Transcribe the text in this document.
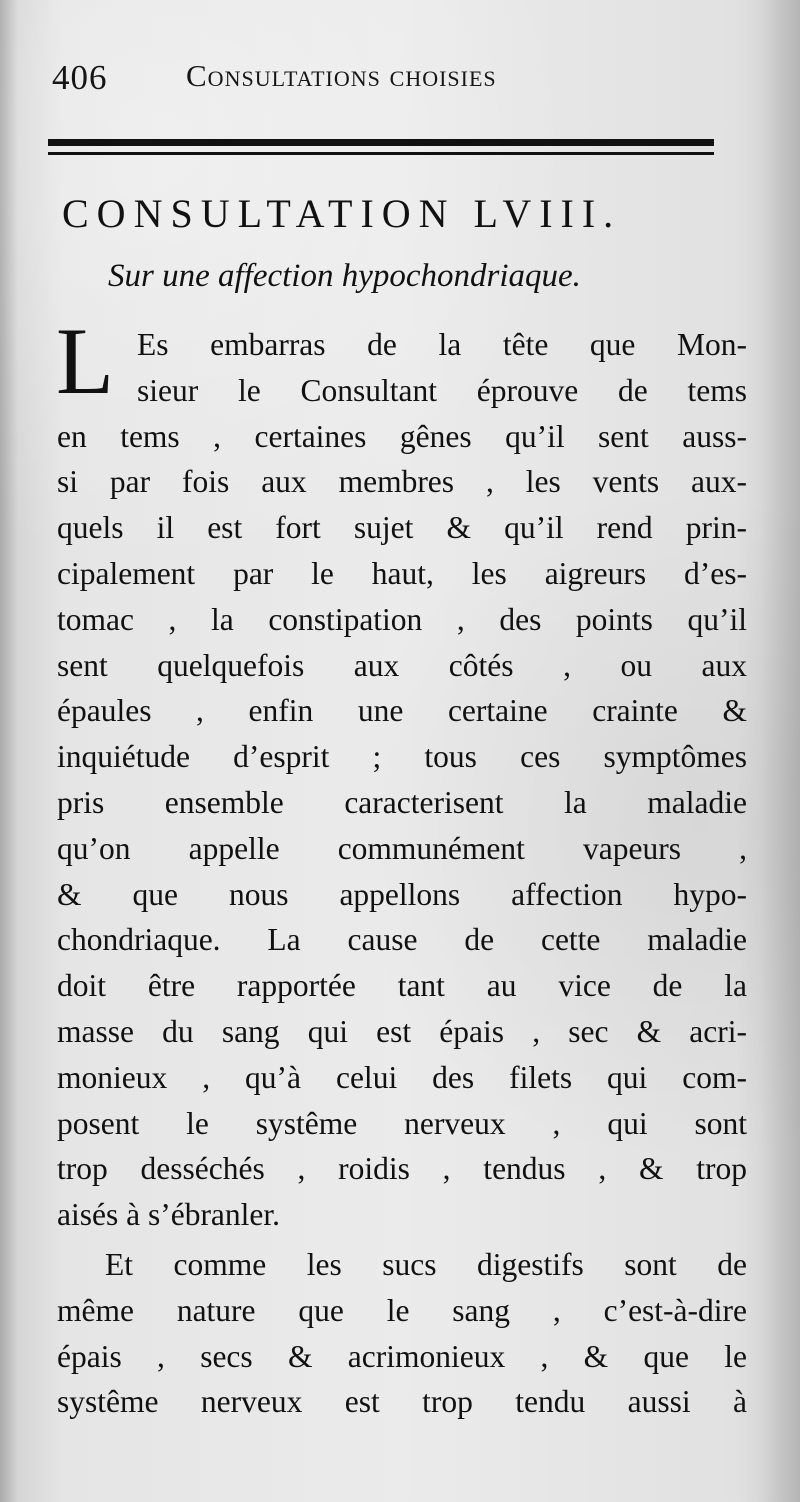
406	Consultations choisies
CONSULTATION LVIII.
Sur une affection hypochondriaque.
L Es embarras de la tête que Mon-
sieur le Consultant éprouve de tems
en tems , certaines gênes qu’il sent auss-
si par fois aux membres , les vents aux-
quels il est fort sujet & qu’il rend prin-
cipalement par le haut, les aigreurs d’es-
tomac , la constipation , des points qu’il
sent quelquefois aux côtés , ou aux
épaules , enfin une certaine crainte &
inquiétude d’esprit ; tous ces symptômes
pris ensemble caracterisent la maladie
qu’on appelle communément vapeurs ,
& que nous appellons affection hypo-
chondriaque. La cause de cette maladie
doit être rapportée tant au vice de la
masse du sang qui est épais , sec & acri-
monieux , qu’à celui des filets qui com-
posent le systême nerveux , qui sont
trop desséchés , roidis , tendus , & trop
aisés à s’ébranler.
Et comme les sucs digestifs sont de
même nature que le sang , c’est-à-dire
épais , secs & acrimonieux , & que le
systême nerveux est trop tendu aussi à
